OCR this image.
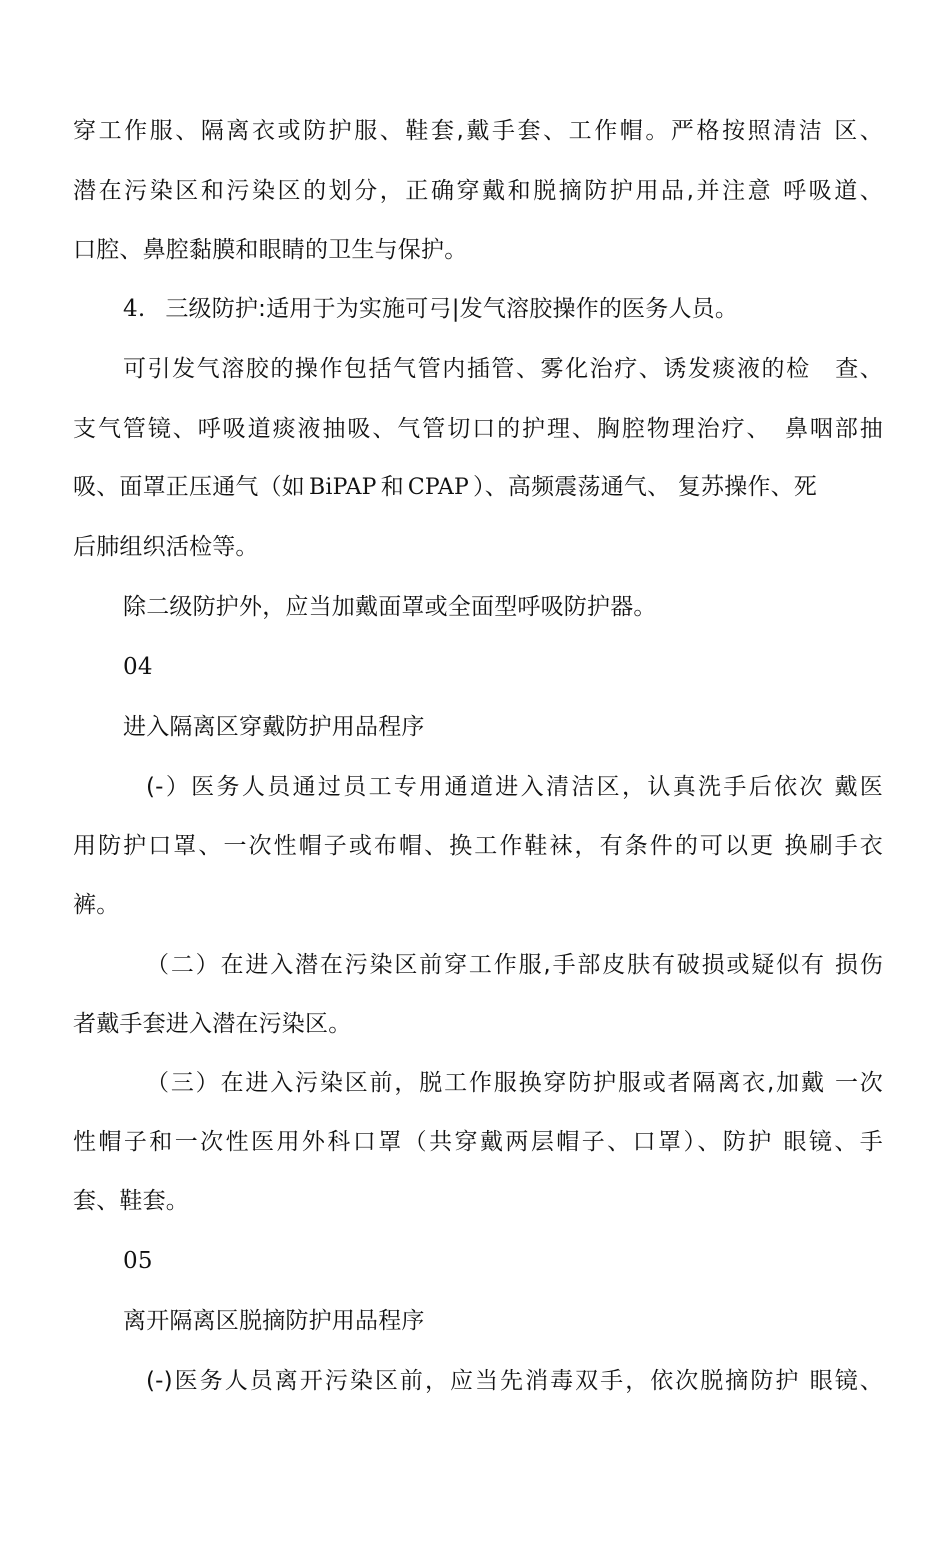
穿工作服、隔离衣或防护服、鞋套,戴手套、工作帽。严格按照清洁 区、
潜在污染区和污染区的划分，正确穿戴和脱摘防护用品,并注意 呼吸道、
口腔、鼻腔黏膜和眼睛的卫生与保护。
4. 三级防护:适用于为实施可弓|发气溶胶操作的医务人员。
可引发气溶胶的操作包括气管内插管、雾化治疗、诱发痰液的检　查、
支气管镜、呼吸道痰液抽吸、气管切口的护理、胸腔物理治疗、　鼻咽部抽
吸、面罩正压通气（如 BiPAP 和 CPAP ）、高频震荡通气、 复苏操作、死
后肺组织活检等。
除二级防护外，应当加戴面罩或全面型呼吸防护器。
04
进入隔离区穿戴防护用品程序
(-）医务人员通过员工专用通道进入清洁区，认真洗手后依次 戴医
用防护口罩、一次性帽子或布帽、换工作鞋袜，有条件的可以更 换刷手衣
裤。
（二）在进入潜在污染区前穿工作服,手部皮肤有破损或疑似有 损伤
者戴手套进入潜在污染区。
（三）在进入污染区前，脱工作服换穿防护服或者隔离衣,加戴 一次
性帽子和一次性医用外科口罩（共穿戴两层帽子、口罩）、防护 眼镜、手
套、鞋套。
05
离开隔离区脱摘防护用品程序
(-)医务人员离开污染区前，应当先消毒双手，依次脱摘防护 眼镜、
